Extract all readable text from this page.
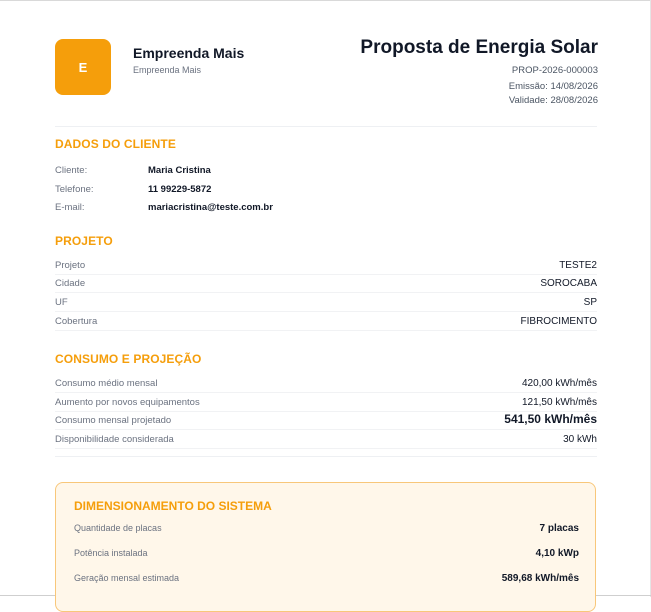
E
Empreenda Mais
Empreenda Mais
Proposta de Energia Solar
PROP-2026-000003
Emissão: 14/08/2026
Validade: 28/08/2026
DADOS DO CLIENTE
Cliente:	Maria Cristina
Telefone:	11 99229-5872
E-mail:	mariacristina@teste.com.br
PROJETO
Projeto	TESTE2
Cidade	SOROCABA
UF	SP
Cobertura	FIBROCIMENTO
CONSUMO E PROJEÇÃO
Consumo médio mensal	420,00 kWh/mês
Aumento por novos equipamentos	121,50 kWh/mês
Consumo mensal projetado	541,50 kWh/mês
Disponibilidade considerada	30 kWh
DIMENSIONAMENTO DO SISTEMA
Quantidade de placas	7 placas
Potência instalada	4,10 kWp
Geração mensal estimada	589,68 kWh/mês
